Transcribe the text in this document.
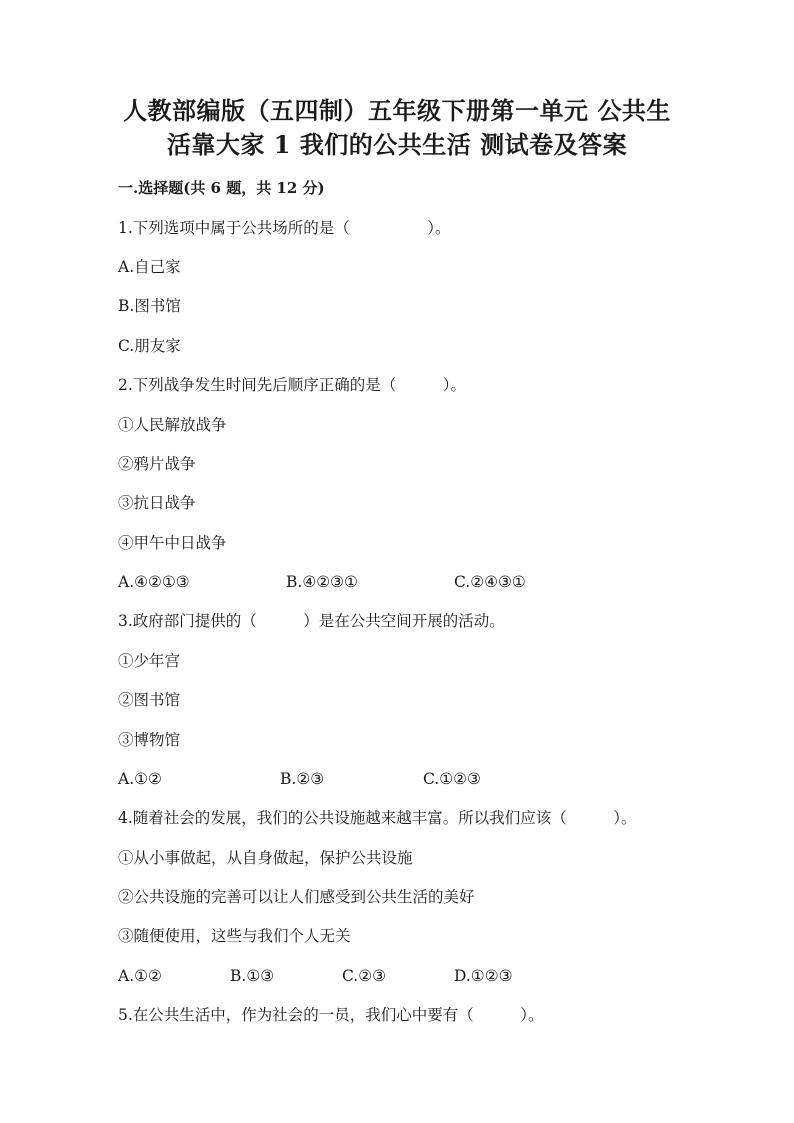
人教部编版（五四制）五年级下册第一单元 公共生
活靠大家 1 我们的公共生活 测试卷及答案
一.选择题(共 6 题，共 12 分)
1.下列选项中属于公共场所的是（　　　　　）。
A.自己家
B.图书馆
C.朋友家
2.下列战争发生时间先后顺序正确的是（　　　）。
①人民解放战争
②鸦片战争
③抗日战争
④甲午中日战争
A.④②①③	B.④②③①	C.②④③①
3.政府部门提供的（　　　）是在公共空间开展的活动。
①少年宫
②图书馆
③博物馆
A.①②	B.②③	C.①②③
4.随着社会的发展，我们的公共设施越来越丰富。所以我们应该（　　　）。
①从小事做起，从自身做起，保护公共设施
②公共设施的完善可以让人们感受到公共生活的美好
③随便使用，这些与我们个人无关
A.①②	B.①③	C.②③	D.①②③
5.在公共生活中，作为社会的一员，我们心中要有（　　　）。
